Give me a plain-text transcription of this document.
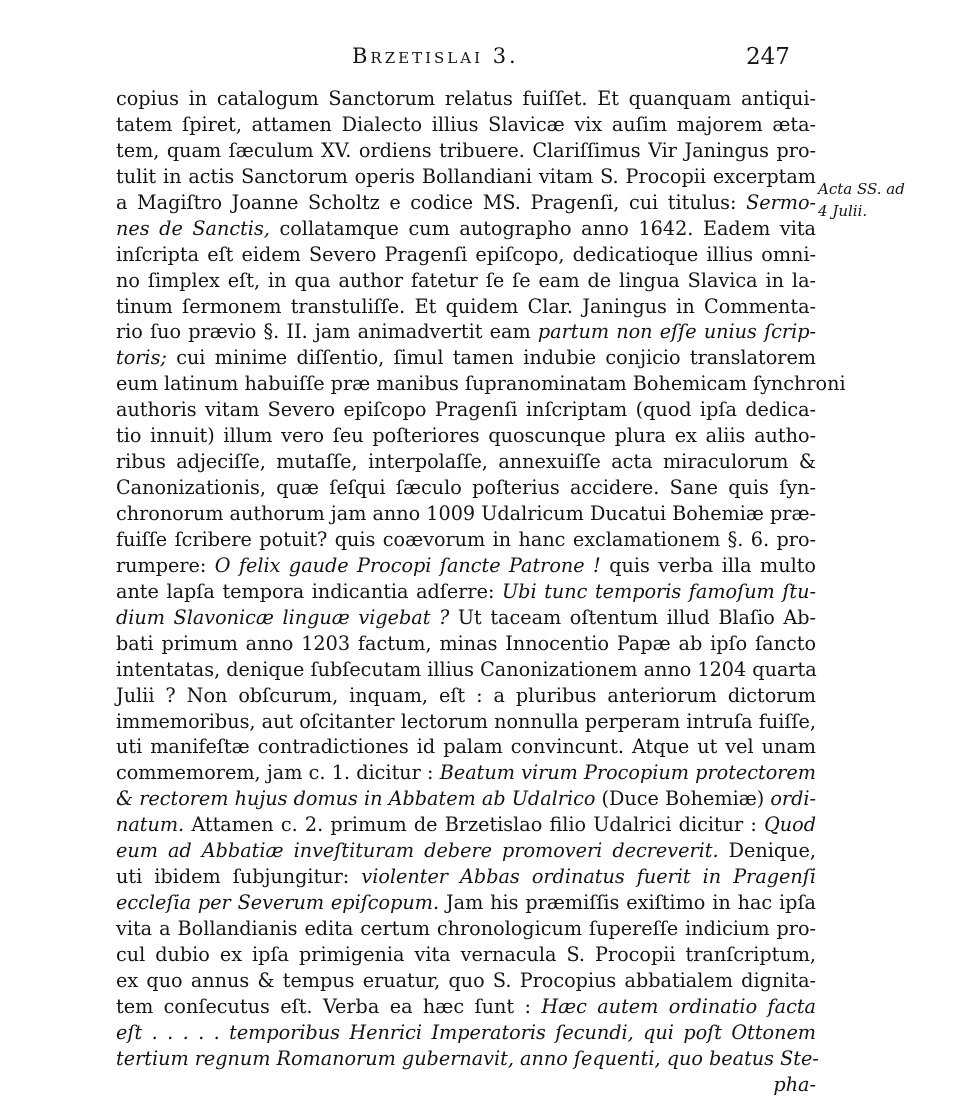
Brzetislai 3.	247
copius in catalogum Sanctorum relatus fuiſſet. Et quanquam antiqui-
tatem ſpiret, attamen Dialecto illius Slavicæ vix auſim majorem æta-
tem, quam ſæculum XV. ordiens tribuere. Clariſſimus Vir Janingus pro-
tulit in actis Sanctorum operis Bollandiani vitam S. Procopii excerptam
a Magiſtro Joanne Scholtz e codice MS. Pragenſi, cui titulus: Sermo-
nes de Sanctis, collatamque cum autographo anno 1642. Eadem vita
inſcripta eſt eidem Severo Pragenſi epiſcopo, dedicatioque illius omni-
no ſimplex eſt, in qua author fatetur ſe ſe eam de lingua Slavica in la-
tinum ſermonem transtuliſſe. Et quidem Clar. Janingus in Commenta-
rio ſuo prævio §. II. jam animadvertit eam partum non eſſe unius ſcrip-
toris; cui minime diſſentio, ſimul tamen indubie conjicio translatorem
eum latinum habuiſſe præ manibus ſupranominatam Bohemicam ſynchroni
authoris vitam Severo epiſcopo Pragenſi inſcriptam (quod ipſa dedica-
tio innuit) illum vero ſeu poſteriores quoscunque plura ex aliis autho-
ribus adjeciſſe, mutaſſe, interpolaſſe, annexuiſſe acta miraculorum &
Canonizationis, quæ ſeſqui ſæculo poſterius accidere. Sane quis ſyn-
chronorum authorum jam anno 1009 Udalricum Ducatui Bohemiæ præ-
fuiſſe ſcribere potuit? quis coævorum in hanc exclamationem §. 6. pro-
rumpere: O felix gaude Procopi ſancte Patrone ! quis verba illa multo
ante lapſa tempora indicantia adſerre: Ubi tunc temporis famoſum ſtu-
dium Slavonicæ linguæ vigebat ? Ut taceam oſtentum illud Blaſio Ab-
bati primum anno 1203 factum, minas Innocentio Papæ ab ipſo ſancto
intentatas, denique ſubſecutam illius Canonizationem anno 1204 quarta
Julii ? Non obſcurum, inquam, eſt : a pluribus anteriorum dictorum
immemoribus, aut oſcitanter lectorum nonnulla perperam intruſa fuiſſe,
uti manifeſtæ contradictiones id palam convincunt. Atque ut vel unam
commemorem, jam c. 1. dicitur : Beatum virum Procopium protectorem
& rectorem hujus domus in Abbatem ab Udalrico (Duce Bohemiæ) ordi-
natum. Attamen c. 2. primum de Brzetislao filio Udalrici dicitur : Quod
eum ad Abbatiæ inveſtituram debere promoveri decreverit. Denique,
uti ibidem ſubjungitur: violenter Abbas ordinatus fuerit in Pragenſi
eccleſia per Severum epiſcopum. Jam his præmiſſis exiſtimo in hac ipſa
vita a Bollandianis edita certum chronologicum ſupereſſe indicium pro-
cul dubio ex ipſa primigenia vita vernacula S. Procopii tranſcriptum,
ex quo annus & tempus eruatur, quo S. Procopius abbatialem dignita-
tem conſecutus eſt. Verba ea hæc ſunt : Hæc autem ordinatio facta
eſt . . . . . temporibus Henrici Imperatoris ſecundi, qui poſt Ottonem
tertium regnum Romanorum gubernavit, anno ſequenti, quo beatus Ste-
pha-
Acta SS. ad
4 Julii.
